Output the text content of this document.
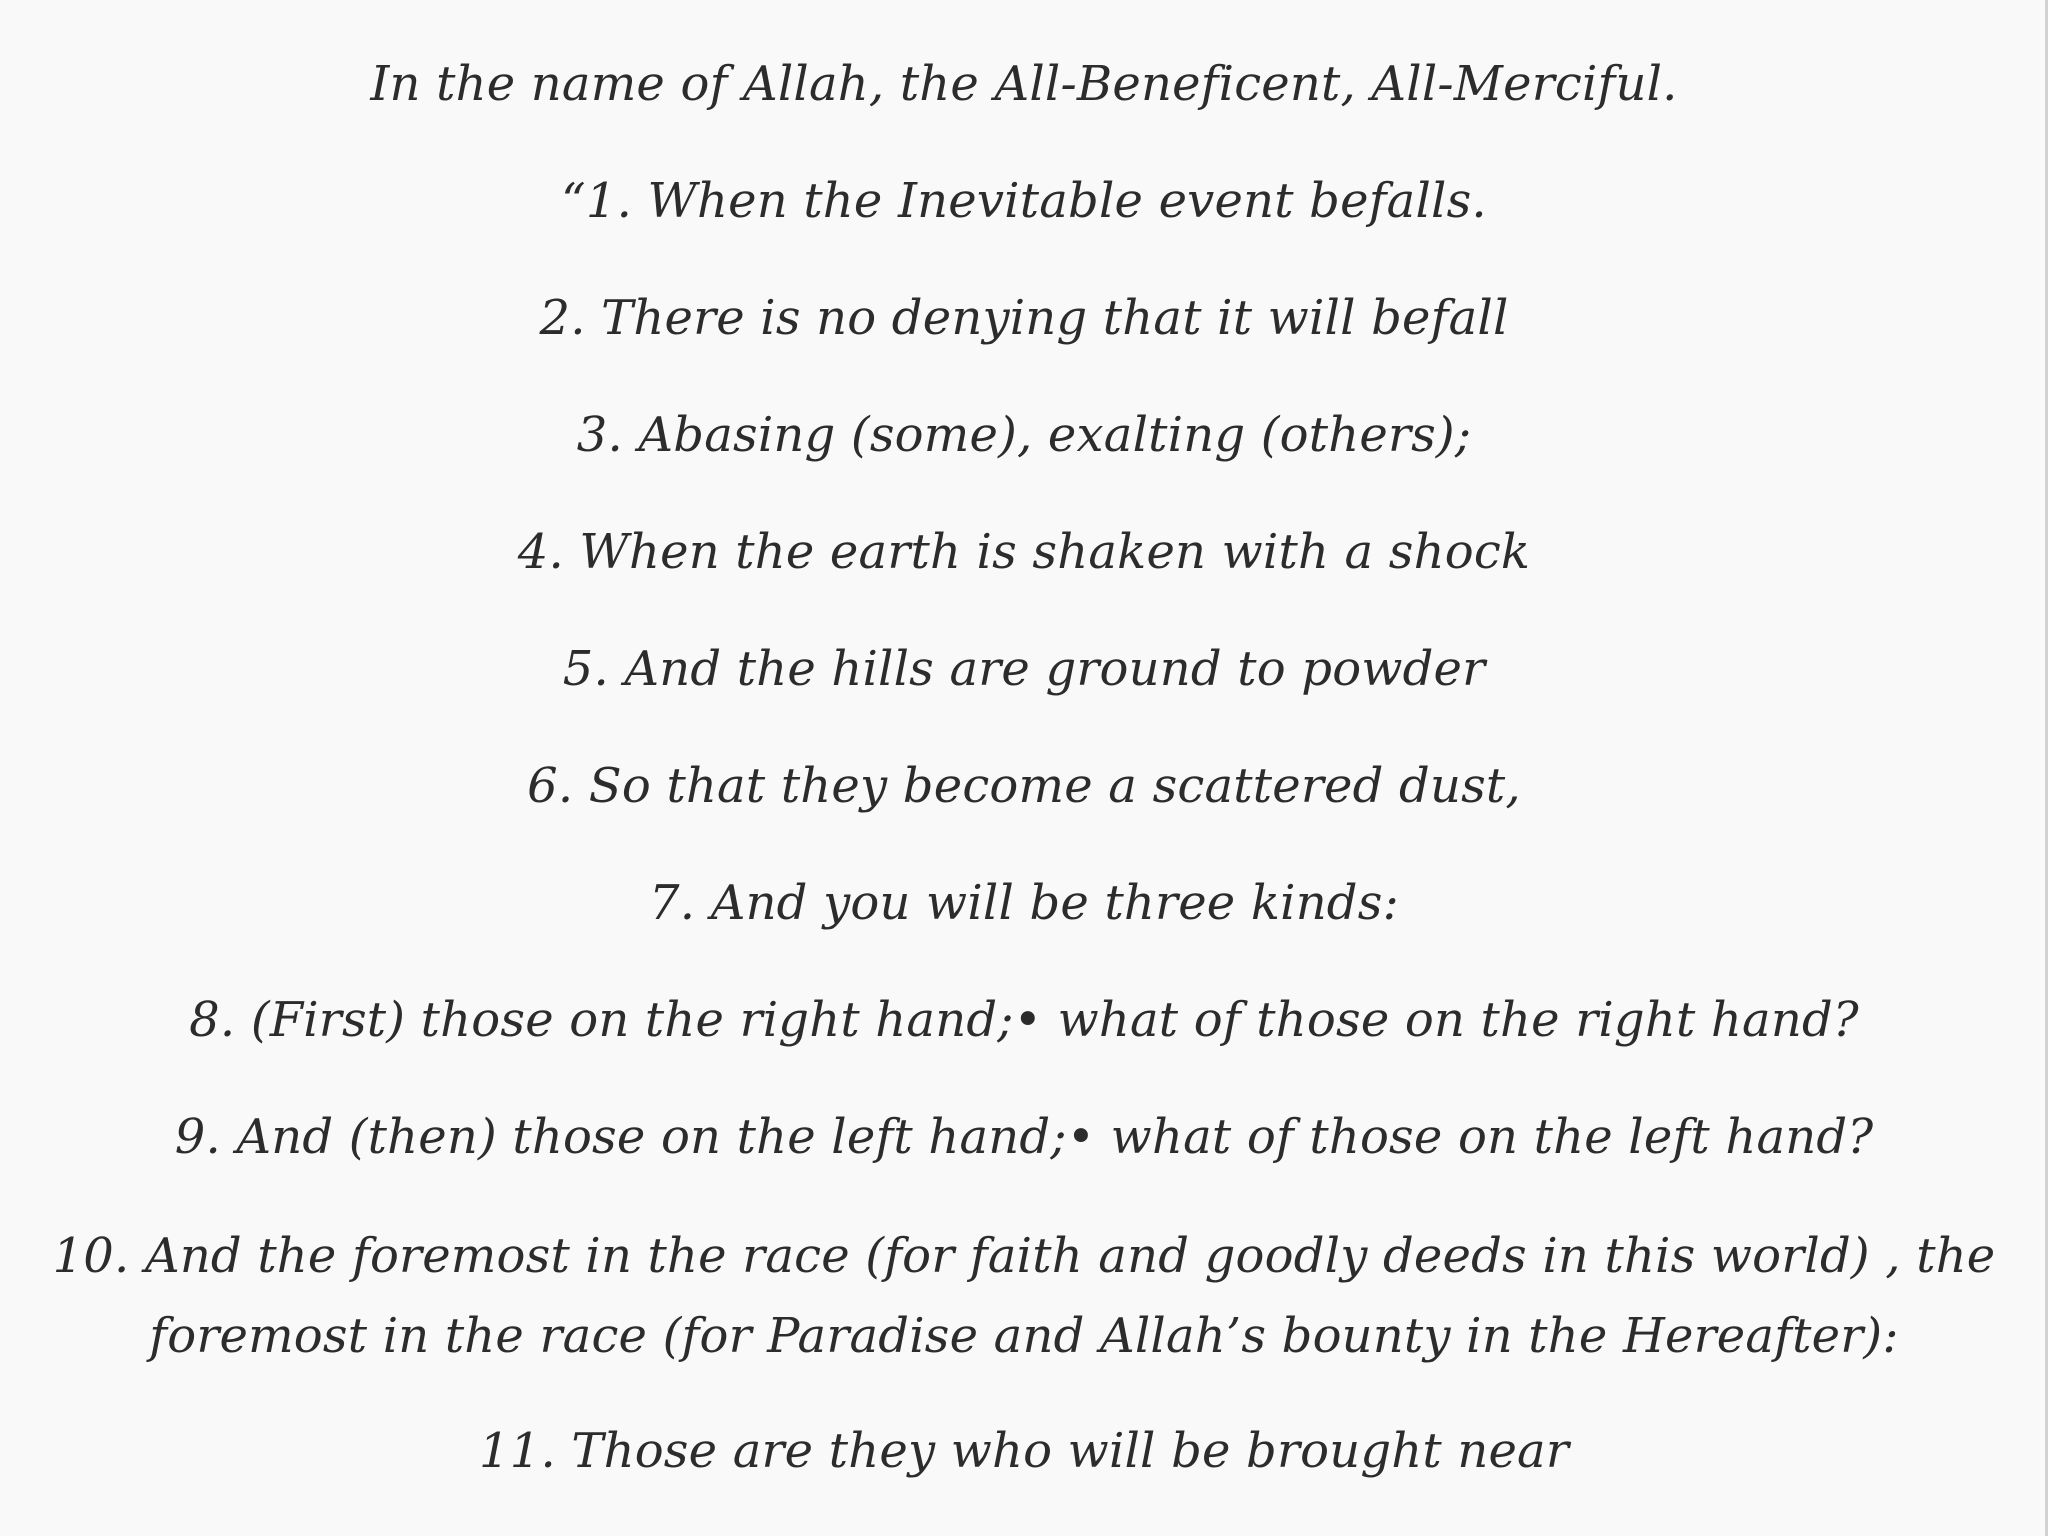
In the name of Allah, the All-Beneficent, All-Merciful.
“1. When the Inevitable event befalls.
2. There is no denying that it will befall
3. Abasing (some), exalting (others);
4. When the earth is shaken with a shock
5. And the hills are ground to powder
6. So that they become a scattered dust,
7. And you will be three kinds:
8. (First) those on the right hand;• what of those on the right hand?
9. And (then) those on the left hand;• what of those on the left hand?
10. And the foremost in the race (for faith and goodly deeds in this world) , the foremost in the race (for Paradise and Allah’s bounty in the Hereafter):
11. Those are they who will be brought near
